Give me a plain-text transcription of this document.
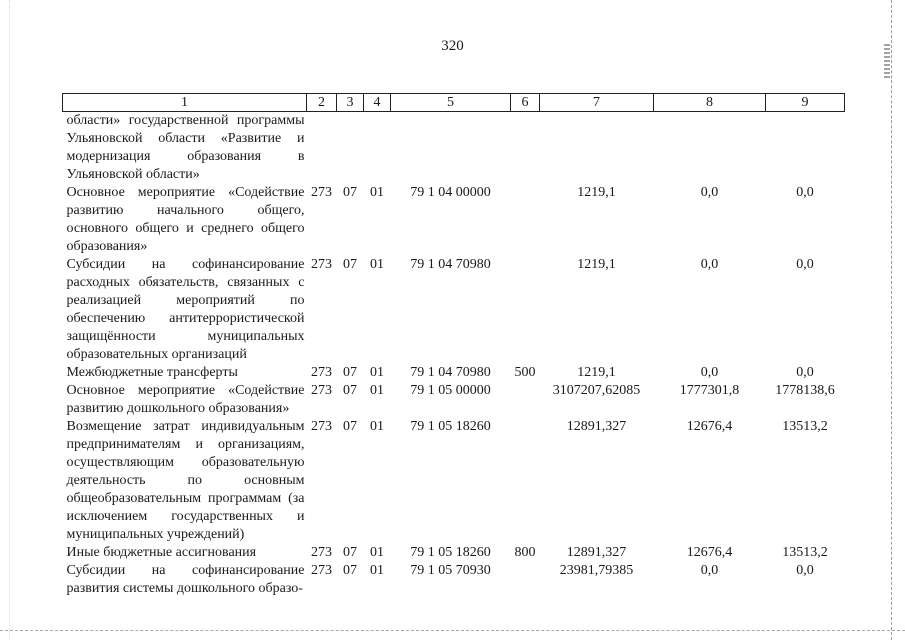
320
1	2	3	4	5	6	7	8	9
области» государственной программы Ульяновской области «Развитие и модернизация образования в Ульяновской области»								
Основное мероприятие «Содействие развитию начального общего, основного общего и среднего общего образования»	273	07	01	79 1 04 00000		1219,1	0,0	0,0
Субсидии на софинансирование расходных обязательств, связанных с реализацией мероприятий по обеспечению антитеррористической защищённости муниципальных образовательных организаций	273	07	01	79 1 04 70980		1219,1	0,0	0,0
Межбюджетные трансферты	273	07	01	79 1 04 70980	500	1219,1	0,0	0,0
Основное мероприятие «Содействие развитию дошкольного образования»	273	07	01	79 1 05 00000		3107207,62085	1777301,8	1778138,6
Возмещение затрат индивидуальным предпринимателям и организациям, осуществляющим образовательную деятельность по основным общеобразовательным программам (за исключением государственных и муниципальных учреждений)	273	07	01	79 1 05 18260		12891,327	12676,4	13513,2
Иные бюджетные ассигнования	273	07	01	79 1 05 18260	800	12891,327	12676,4	13513,2
Субсидии на софинансирование развития системы дошкольного образо-	273	07	01	79 1 05 70930		23981,79385	0,0	0,0
